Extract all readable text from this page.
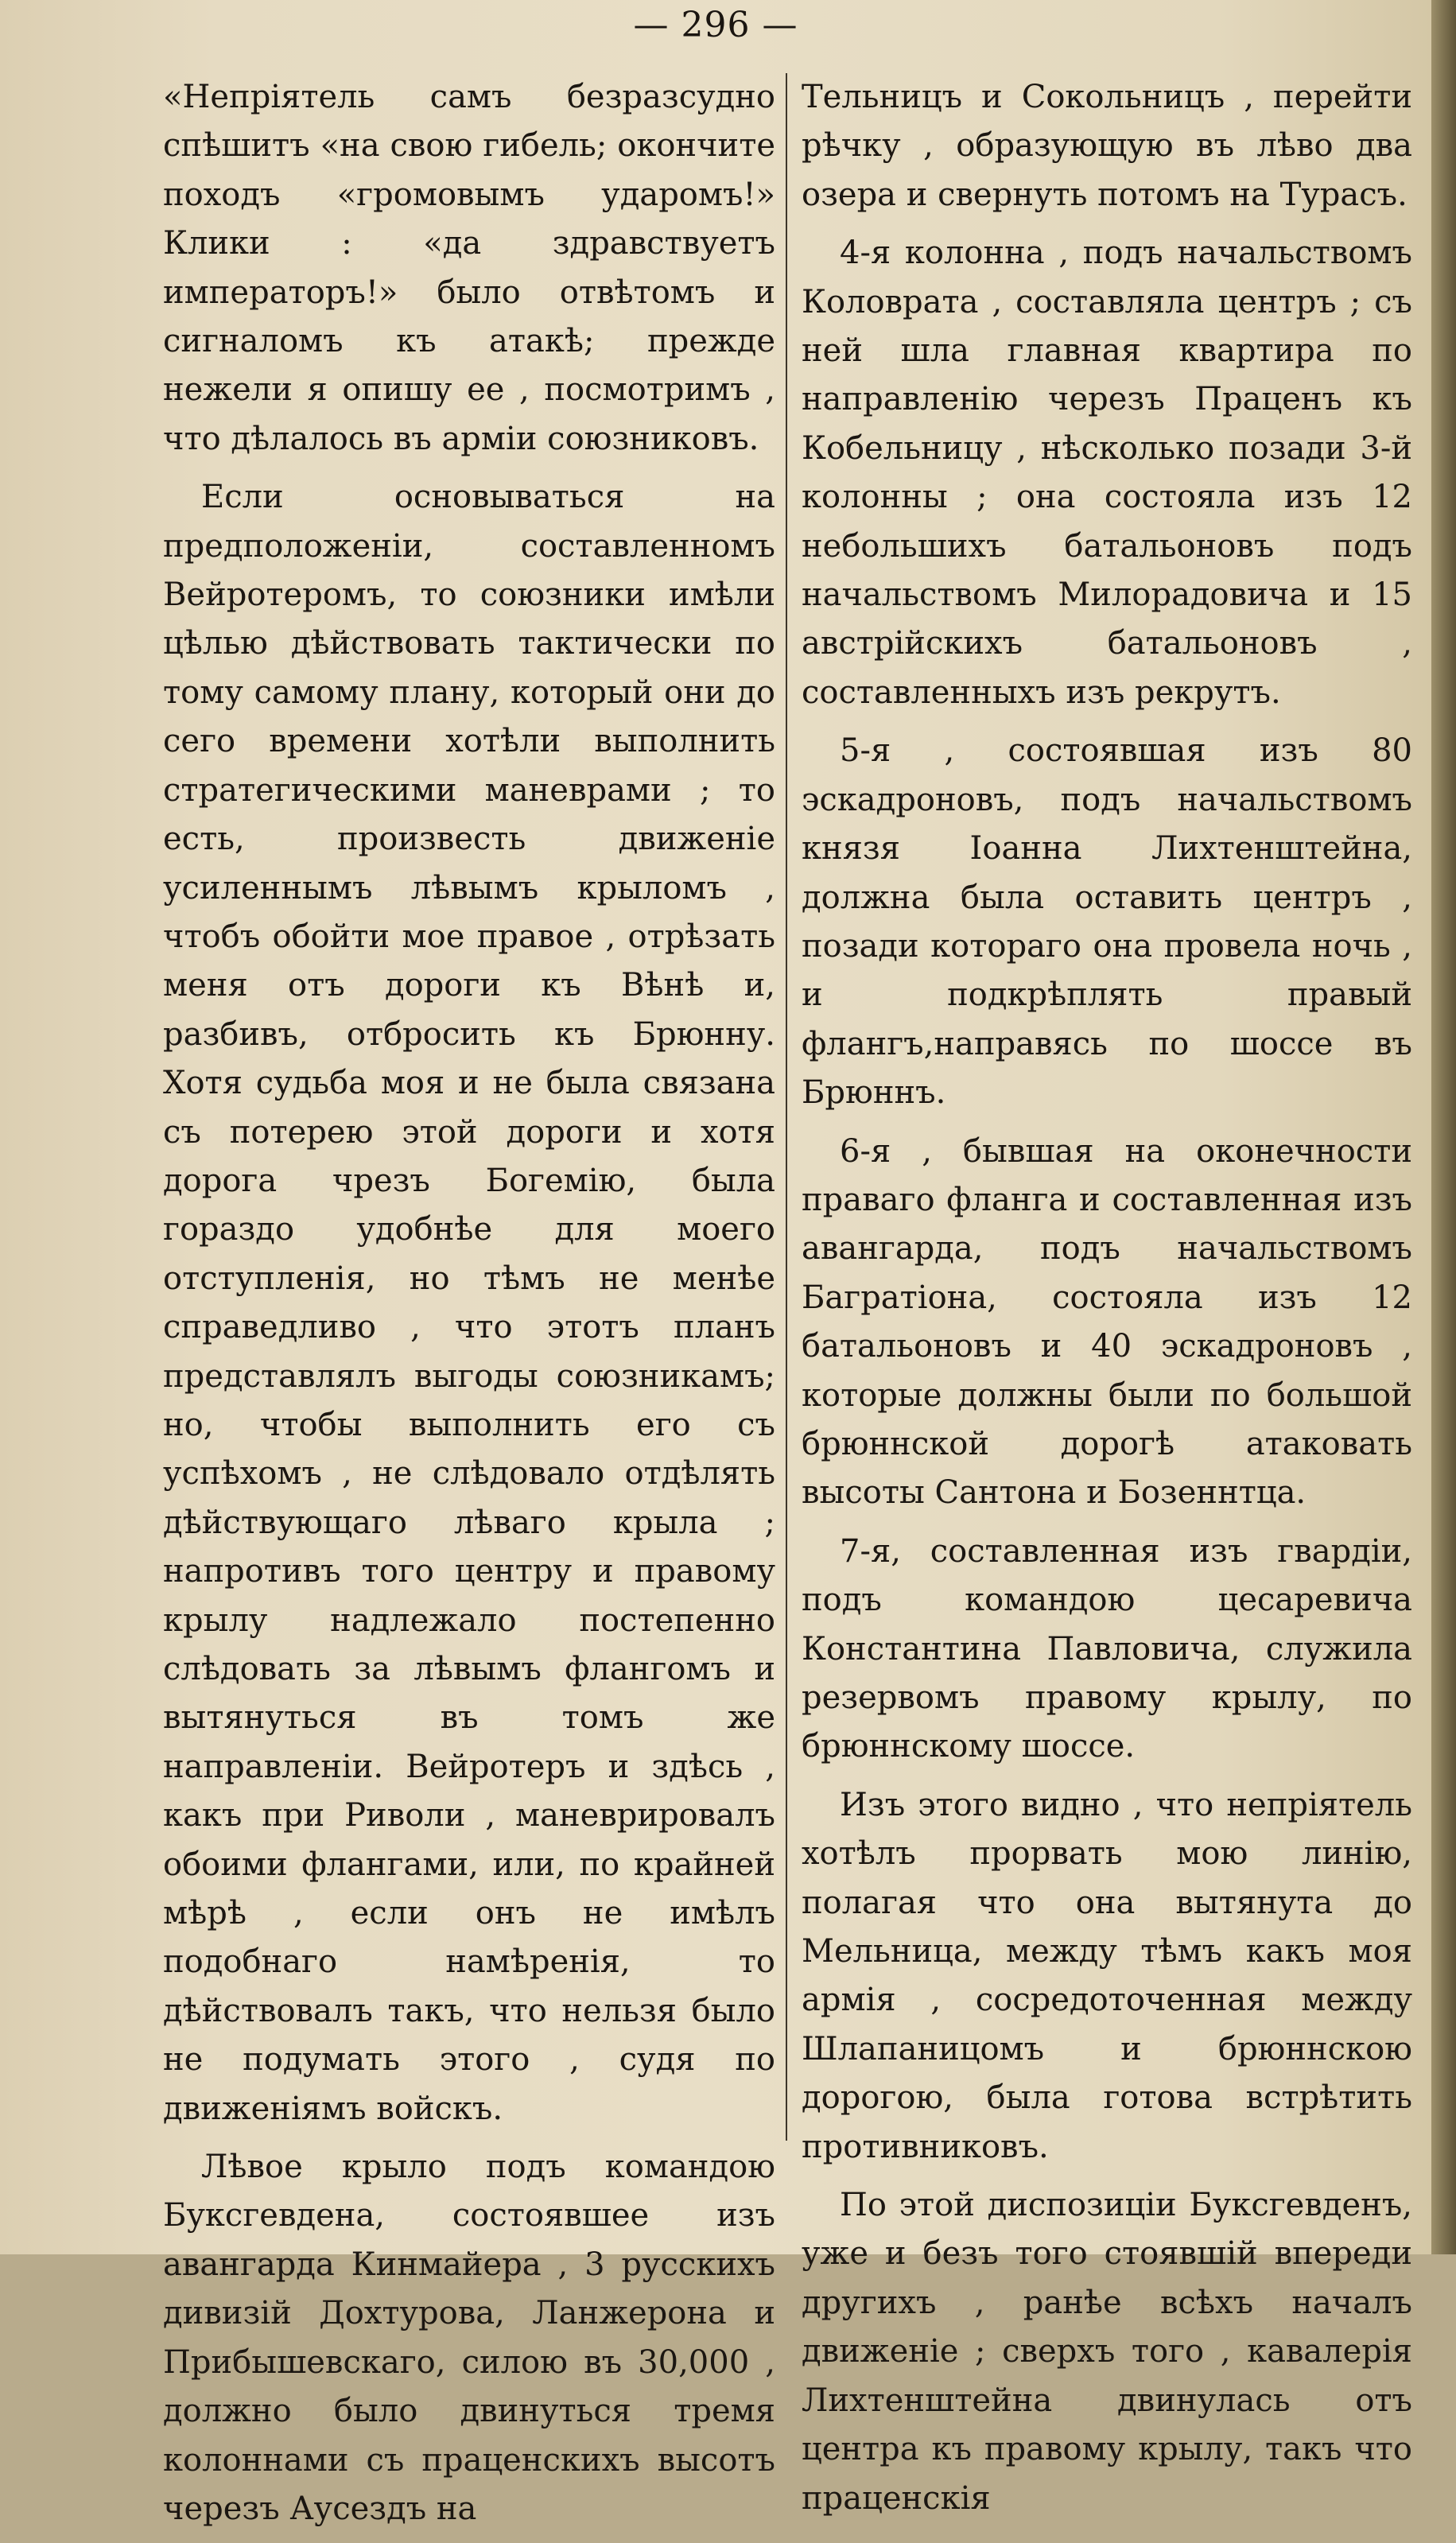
— 296 —

«Непріятель самъ безразсудно спѣшитъ «на свою гибель; окончите походъ «громовымъ ударомъ!» Клики : «да здравствуетъ императоръ!» было отвѣтомъ и сигналомъ къ атакѣ; прежде нежели я опишу ее , посмотримъ , что дѣлалось въ арміи союзниковъ.

Если основываться на предположеніи, составленномъ Вейротеромъ, то союзники имѣли цѣлью дѣйствовать тактически по тому самому плану, который они до сего времени хотѣли выполнить стратегическими маневрами ; то есть, произвесть движеніе усиленнымъ лѣвымъ крыломъ , чтобъ обойти мое правое , отрѣзать меня отъ дороги къ Вѣнѣ и, разбивъ, отбросить къ Брюнну. Хотя судьба моя и не была связана съ потерею этой дороги и хотя дорога чрезъ Богемію, была гораздо удобнѣе для моего отступленія, но тѣмъ не менѣе справедливо , что этотъ планъ представлялъ выгоды союзникамъ; но, чтобы выполнить его съ успѣхомъ , не слѣдовало отдѣлять дѣйствующаго лѣваго крыла ; напротивъ того центру и правому крылу надлежало постепенно слѣдовать за лѣвымъ флангомъ и вытянуться въ томъ же направленіи. Вейротеръ и здѣсь , какъ при Риволи , маневрировалъ обоими флангами, или, по крайней мѣрѣ , если онъ не имѣлъ подобнаго намѣренія, то дѣйствовалъ такъ, что нельзя было не подумать этого , судя по движеніямъ войскъ.

Лѣвое крыло подъ командою Буксгевдена, состоявшее изъ авангарда Кинмайера , 3 русскихъ дивизій Дохтурова, Ланжерона и Прибышевскаго, силою въ 30,000 , должно было двинуться тремя колоннами съ праценскихъ высотъ черезъ Аусездъ на

Тельницъ и Сокольницъ , перейти рѣчку , образующую въ лѣво два озера и свернуть потомъ на Турасъ.

4-я колонна , подъ начальствомъ Коловрата , составляла центръ ; съ ней шла главная квартира по направленію черезъ Праценъ къ Кобельницу , нѣсколько позади 3-й колонны ; она состояла изъ 12 небольшихъ батальоновъ подъ начальствомъ Милорадовича и 15 австрійскихъ батальоновъ , составленныхъ изъ рекрутъ.

5-я , состоявшая изъ 80 эскадроновъ, подъ начальствомъ князя Іоанна Лихтенштейна, должна была оставить центръ , позади котораго она провела ночь , и подкрѣплять правый флангъ,направясь по шоссе въ Брюннъ.

6-я , бывшая на оконечности праваго фланга и составленная изъ авангарда, подъ начальствомъ Багратіона, состояла изъ 12 батальоновъ и 40 эскадроновъ , которые должны были по большой брюннской дорогѣ атаковать высоты Сантона и Бозеннтца.

7-я, составленная изъ гвардіи, подъ командою цесаревича Константина Павловича, служила резервомъ правому крылу, по брюннскому шоссе.

Изъ этого видно , что непріятель хотѣлъ прорвать мою линію, полагая что она вытянута до Мельница, между тѣмъ какъ моя армія , сосредоточенная между Шлапаницомъ и брюннскою дорогою, была готова встрѣтить противниковъ.

По этой диспозиціи Буксгевденъ, уже и безъ того стоявшій впереди другихъ , ранѣе всѣхъ началъ движеніе ; сверхъ того , кавалерія Лихтенштейна двинулась отъ центра къ правому крылу, такъ что праценскія
